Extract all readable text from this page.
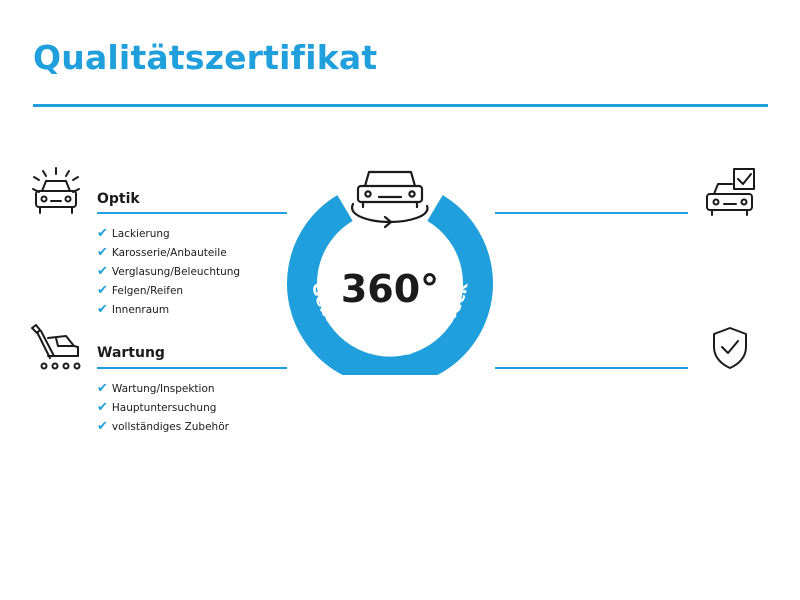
Qualitätszertifikat
Optik
✔ Lackierung
✔ Karosserie/Anbauteile
✔ Verglasung/Beleuchtung
✔ Felgen/Reifen
✔ Innenraum
Wartung
✔ Wartung/Inspektion
✔ Hauptuntersuchung
✔ vollständiges Zubehör
360°
Gebrauchtwagen-Check
